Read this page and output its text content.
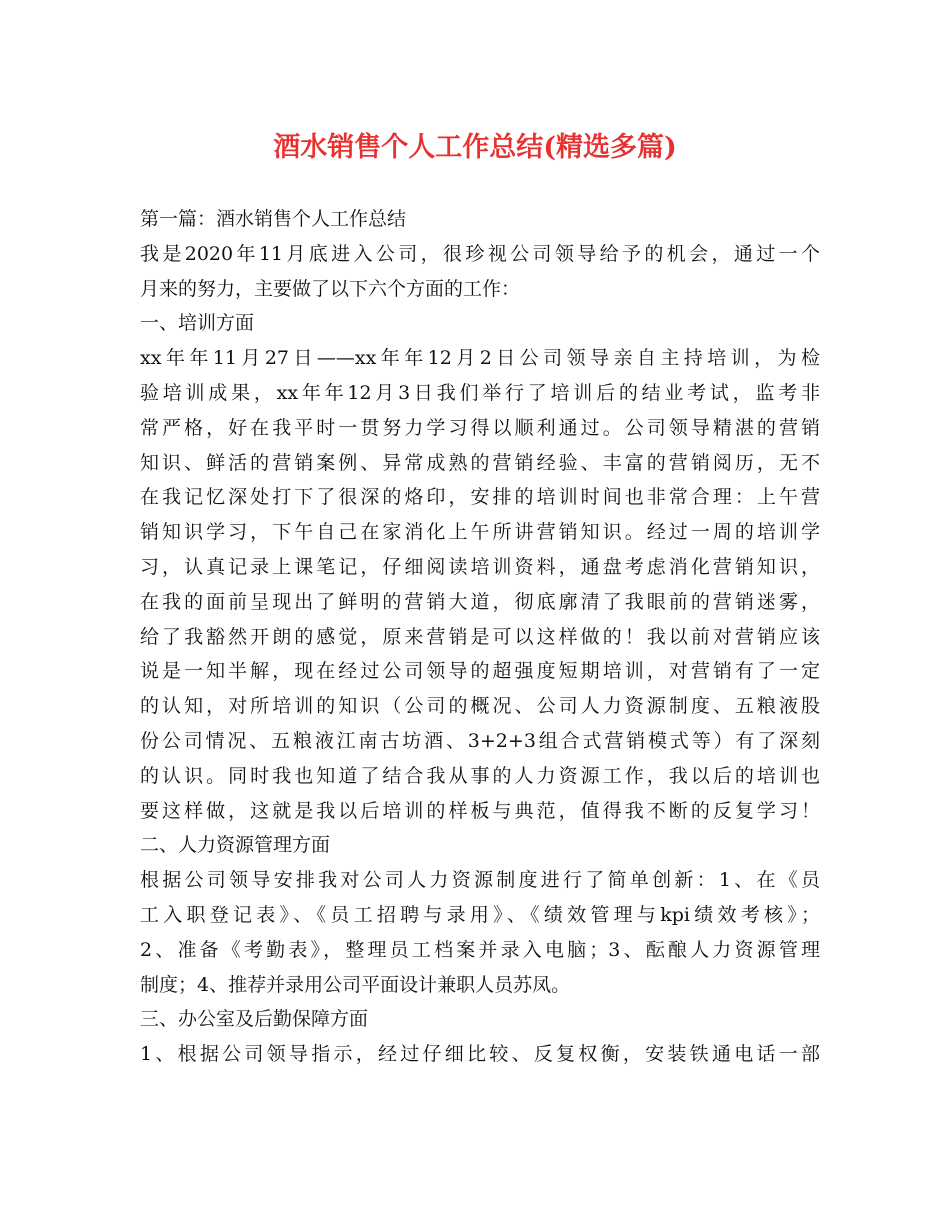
酒水销售个人工作总结(精选多篇)
第一篇：酒水销售个人工作总结
我是2020年11月底进入公司，很珍视公司领导给予的机会，通过一个
月来的努力，主要做了以下六个方面的工作：
一、培训方面
xx年年11月27日——xx年年12月2日公司领导亲自主持培训，为检
验培训成果，xx年年12月3日我们举行了培训后的结业考试，监考非
常严格，好在我平时一贯努力学习得以顺利通过。公司领导精湛的营销
知识、鲜活的营销案例、异常成熟的营销经验、丰富的营销阅历，无不
在我记忆深处打下了很深的烙印，安排的培训时间也非常合理：上午营
销知识学习，下午自己在家消化上午所讲营销知识。经过一周的培训学
习，认真记录上课笔记，仔细阅读培训资料，通盘考虑消化营销知识，
在我的面前呈现出了鲜明的营销大道，彻底廓清了我眼前的营销迷雾，
给了我豁然开朗的感觉，原来营销是可以这样做的！我以前对营销应该
说是一知半解，现在经过公司领导的超强度短期培训，对营销有了一定
的认知，对所培训的知识（公司的概况、公司人力资源制度、五粮液股
份公司情况、五粮液江南古坊酒、3+2+3组合式营销模式等）有了深刻
的认识。同时我也知道了结合我从事的人力资源工作，我以后的培训也
要这样做，这就是我以后培训的样板与典范，值得我不断的反复学习！
二、人力资源管理方面
根据公司领导安排我对公司人力资源制度进行了简单创新：1、在《员
工入职登记表》、《员工招聘与录用》、《绩效管理与kpi绩效考核》；
2、准备《考勤表》，整理员工档案并录入电脑；3、酝酿人力资源管理
制度；4、推荐并录用公司平面设计兼职人员苏凤。
三、办公室及后勤保障方面
1、根据公司领导指示，经过仔细比较、反复权衡，安装铁通电话一部
